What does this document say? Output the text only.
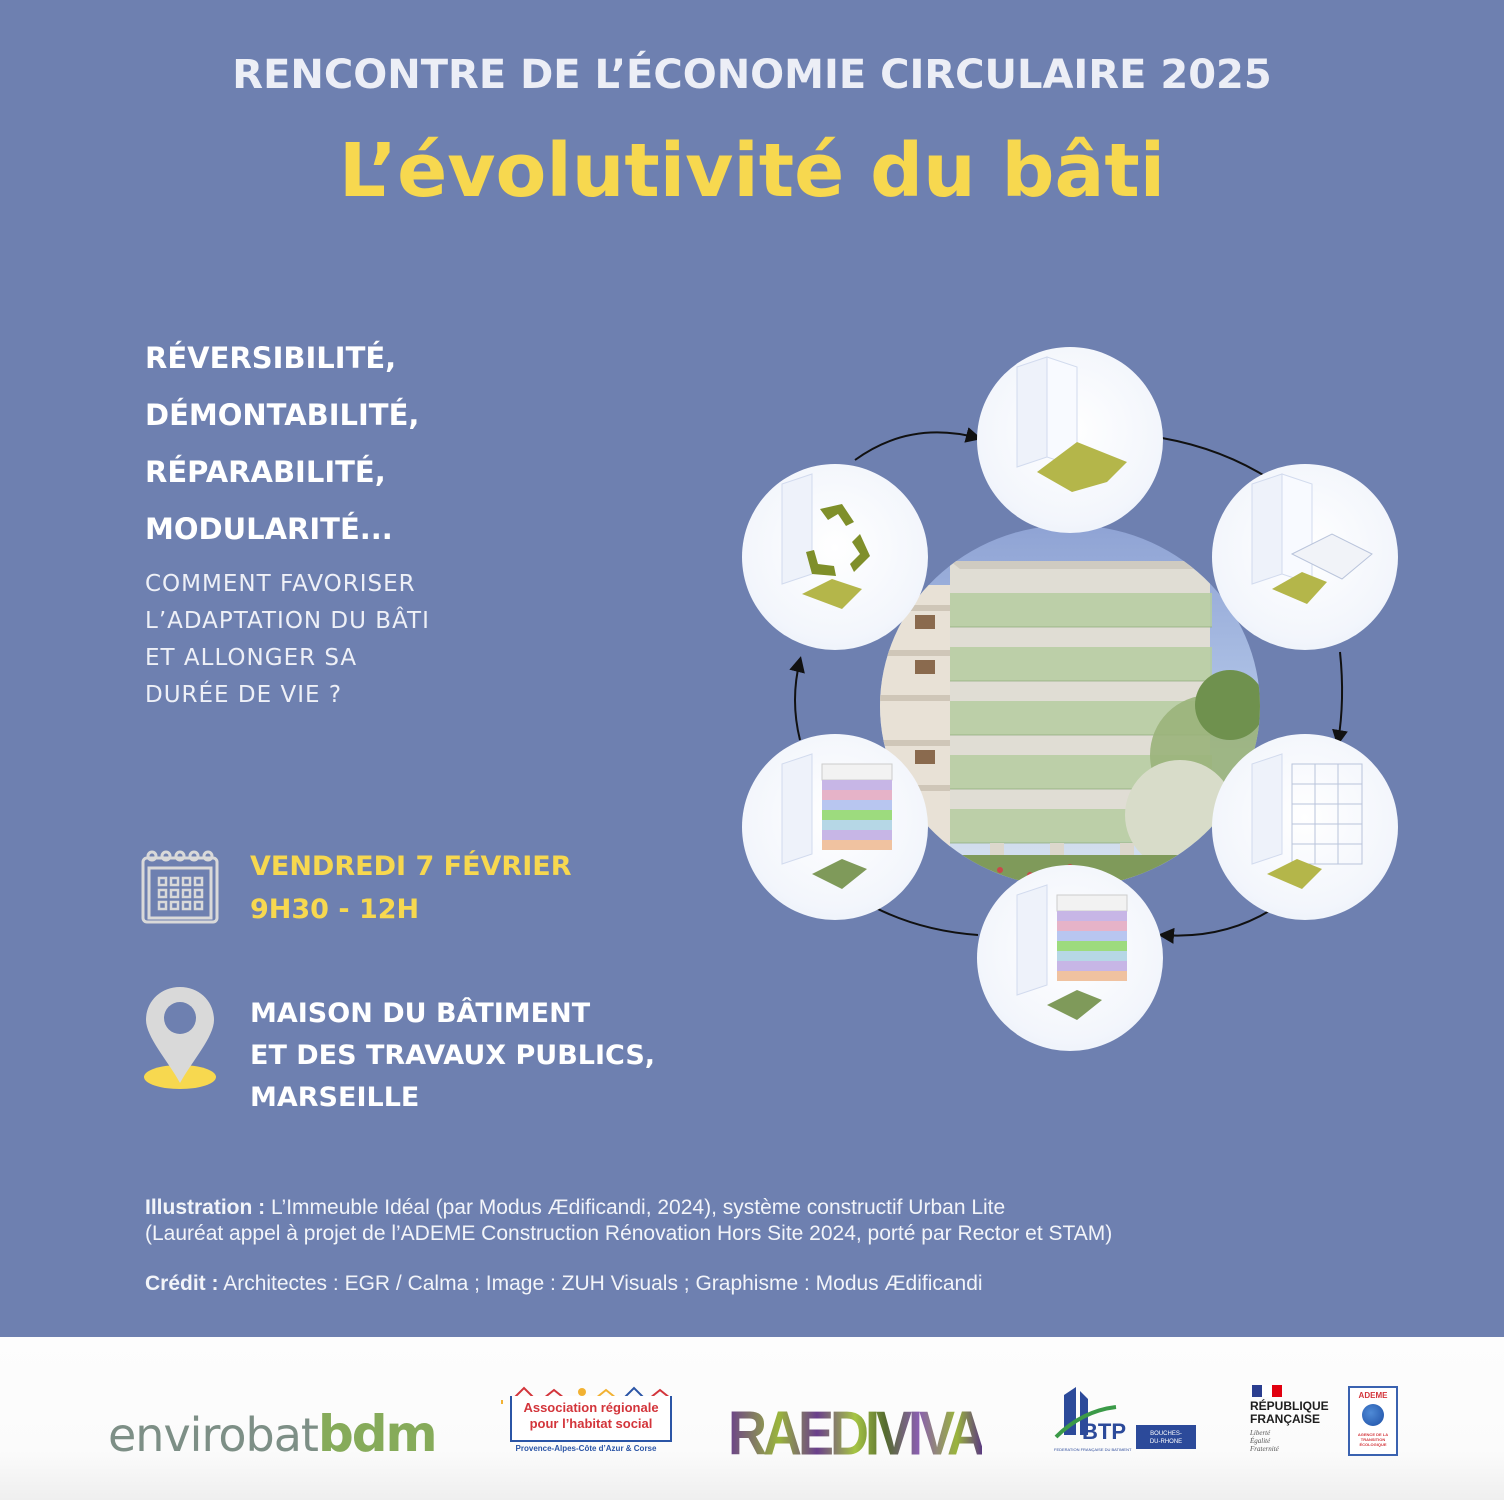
RENCONTRE DE L’ÉCONOMIE CIRCULAIRE 2025
L’évolutivité du bâti
RÉVERSIBILITÉ,
DÉMONTABILITÉ,
RÉPARABILITÉ,
MODULARITÉ...
COMMENT FAVORISER
L’ADAPTATION DU BÂTI
ET ALLONGER SA
DURÉE DE VIE ?
VENDREDI 7 FÉVRIER
9H30 - 12H
MAISON DU BÂTIMENT
ET DES TRAVAUX PUBLICS,
MARSEILLE

Illustration : L’Immeuble Idéal (par Modus Ædificandi, 2024), système constructif Urban Lite

(Lauréat appel à projet de l’ADEME Construction Rénovation Hors Site 2024, porté par Rector et STAM)

Crédit : Architectes : EGR / Calma ; Image : ZUH Visuals ; Graphisme : Modus Ædificandi

envirobatbdm	Association régionale
pour l’habitat social
Provence-Alpes-Côte d’Azur & Corse RAEDIVIVA	BTP	BOUCHES-
DU-RHONE
FEDERATION FRANÇAISE DU BATIMENT
RÉPUBLIQUE
FRANÇAISE
Liberté
Égalité
Fraternité
ADEME
AGENCE DE LA TRANSITION ÉCOLOGIQUE
